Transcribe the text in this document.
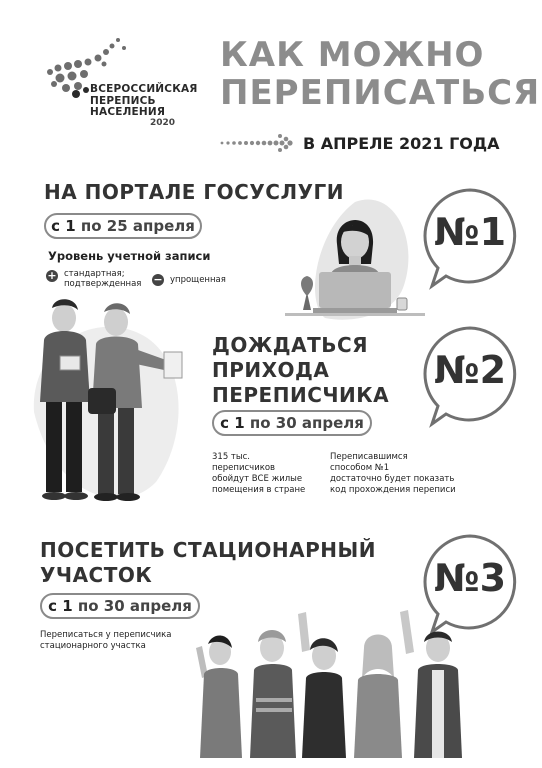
ВСЕРОССИЙСКАЯ
ПЕРЕПИСЬ
НАСЕЛЕНИЯ
2020
КАК МОЖНО
ПЕРЕПИСАТЬСЯ
В АПРЕЛЕ 2021 ГОДА
НА ПОРТАЛЕ ГОСУСЛУГИ
с 1
по 25 апреля
Уровень учетной записи
+ стандартная; подтвержденная − упрощенная
№1
ДОЖДАТЬСЯ
ПРИХОДА
ПЕРЕПИСЧИКА
с 1
по 30 апреля
№2
315 тыс.
переписчиков
обойдут ВСЕ жилые
помещения в стране
Переписавшимся
способом №1
достаточно будет показать
код прохождения переписи
ПОСЕТИТЬ СТАЦИОНАРНЫЙ
УЧАСТОК
с 1
по 30 апреля
Переписаться у переписчика
стационарного участка
№3
